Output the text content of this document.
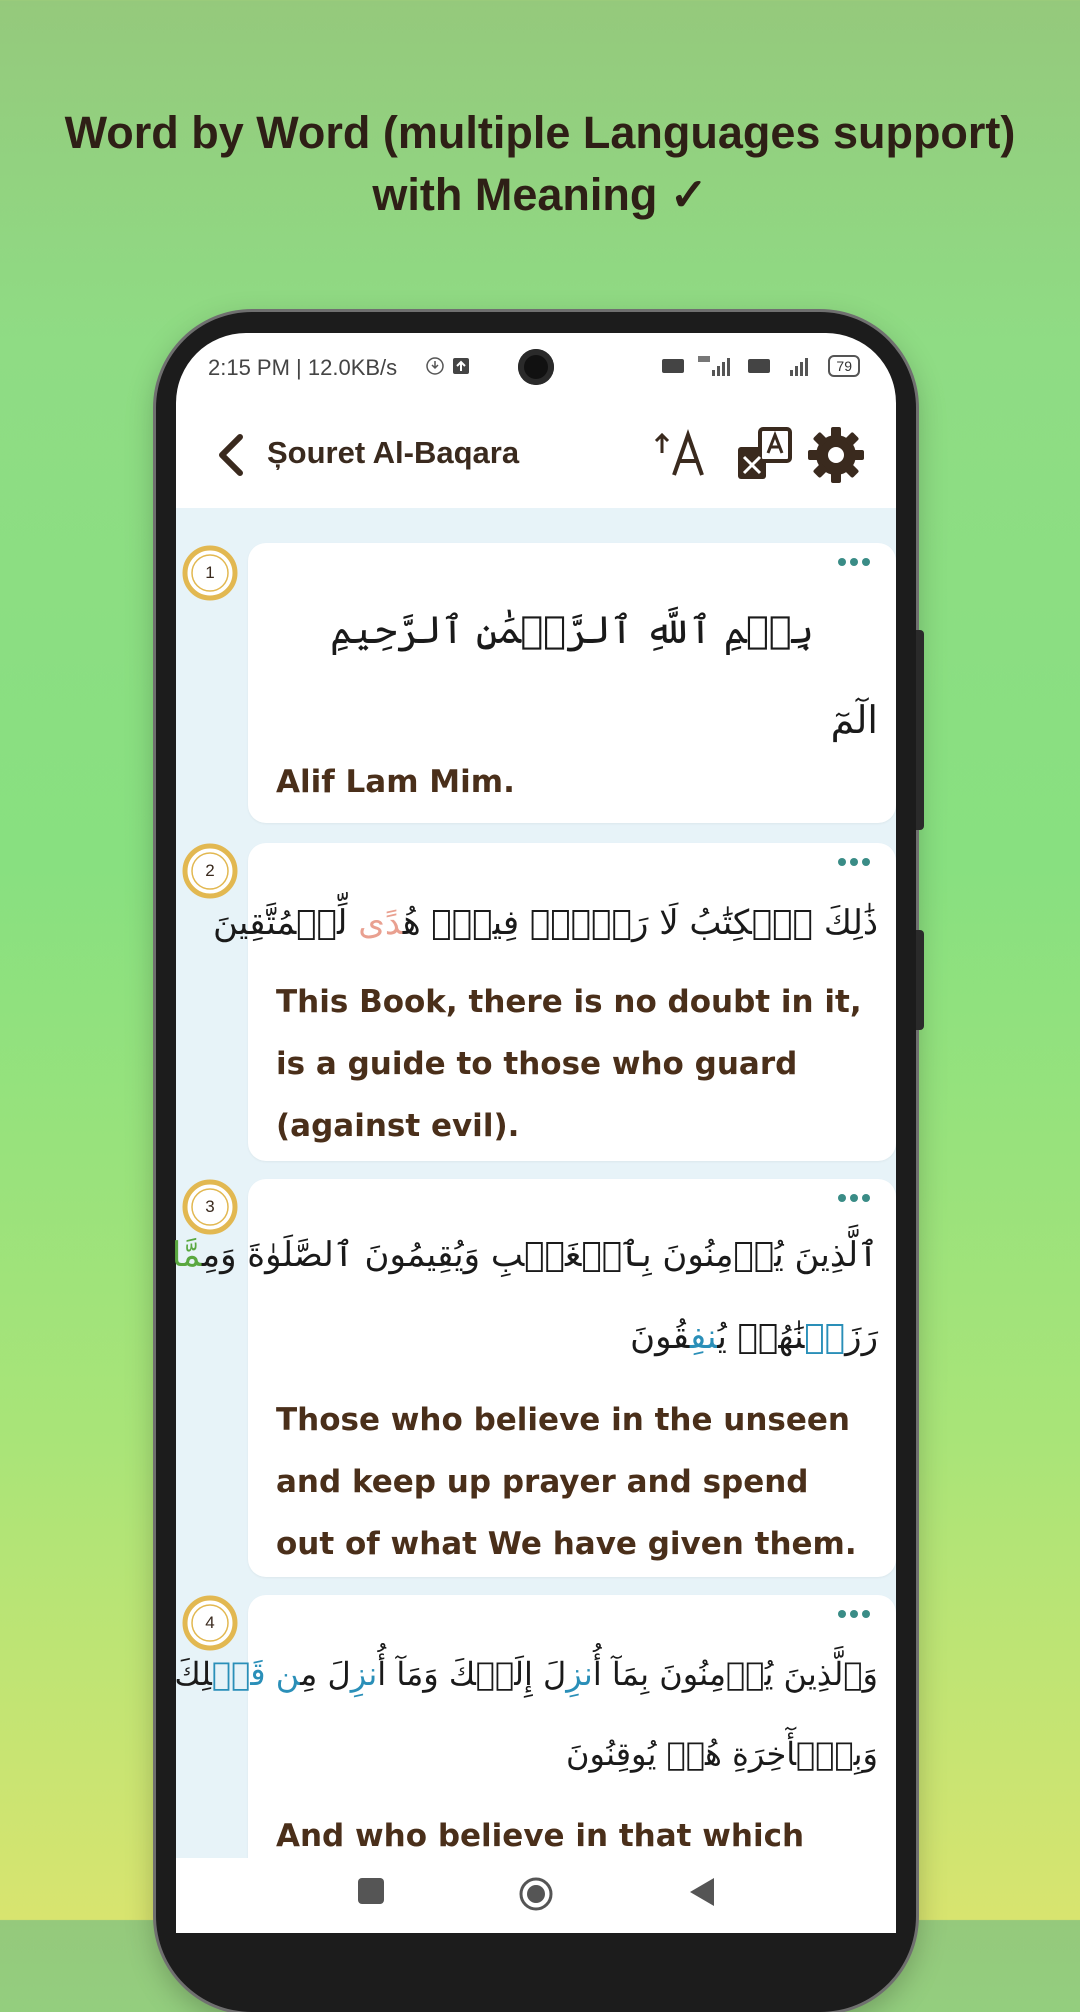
Word by Word (multiple Languages support)
with Meaning ✓
2:15 PM | 12.0KB/s	79
Șouret Al-Baqara
1
بِسۡمِ ٱللَّهِ ٱلرَّحۡمَٰنِ ٱلرَّحِيمِ
الٓمٓ
Alif Lam Mim.
2
ذَٰلِكَ ٱلۡكِتَٰبُ لَا رَيۡبَۛ فِيهِۛ هُدًى لِّلۡمُتَّقِينَ
This Book, there is no doubt in it, is a guide to those who guard (against evil).
3
ٱلَّذِينَ يُؤۡمِنُونَ بِٱلۡغَيۡبِ وَيُقِيمُونَ ٱلصَّلَوٰةَ وَمِمَّا
رَزَقۡنَٰهُمۡ يُنفِقُونَ
Those who believe in the unseen and keep up prayer and spend out of what We have given them.
4
وَٱلَّذِينَ يُؤۡمِنُونَ بِمَآ أُنزِلَ إِلَيۡكَ وَمَآ أُنزِلَ مِن قَبۡلِكَ
وَبِٱلۡأٓخِرَةِ هُمۡ يُوقِنُونَ
And who believe in that which
